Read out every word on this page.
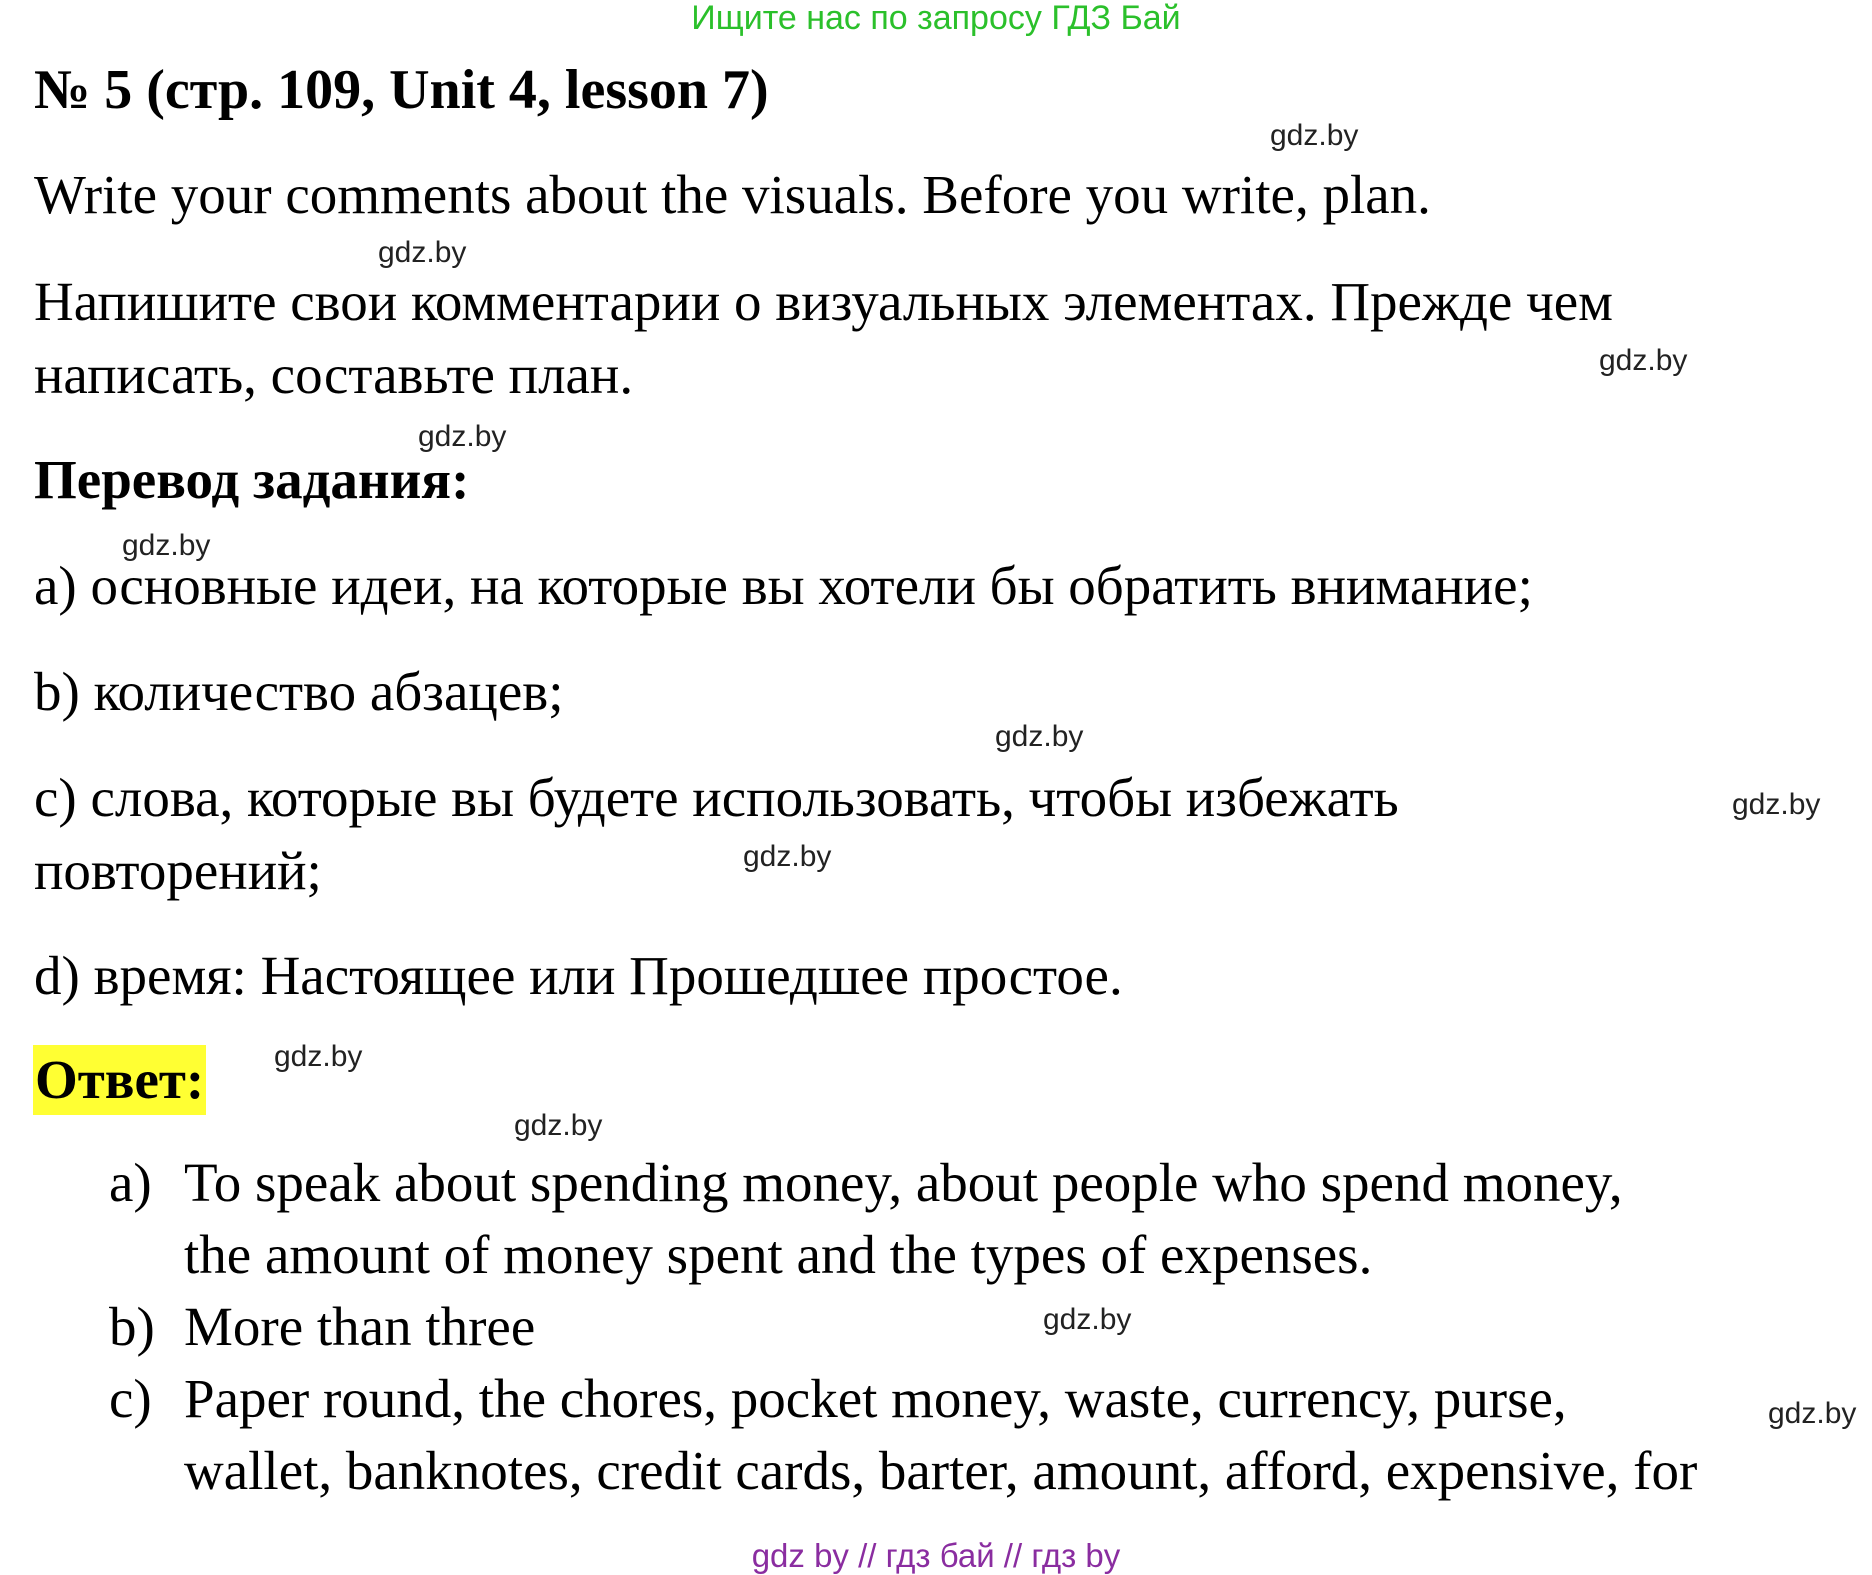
Ищите нас по запросу ГДЗ Бай
№ 5 (стр. 109, Unit 4, lesson 7)
Write your comments about the visuals. Before you write, plan.
Напишите свои комментарии о визуальных элементах. Прежде чем
написать, составьте план.
Перевод задания:
a) основные идеи, на которые вы хотели бы обратить внимание;
b) количество абзацев;
c) слова, которые вы будете использовать, чтобы избежать
повторений;
d) время: Настоящее или Прошедшее простое.
Ответ:
a) To speak about spending money, about people who spend money,
the amount of money spent and the types of expenses.
b) More than three
c) Paper round, the chores, pocket money, waste, currency, purse,
wallet, banknotes, credit cards, barter, amount, afford, expensive, for
gdz.by
gdz.by
gdz.by
gdz.by
gdz.by
gdz.by
gdz.by
gdz.by
gdz.by
gdz.by
gdz.by
gdz.by
gdz by // гдз бай // гдз by
